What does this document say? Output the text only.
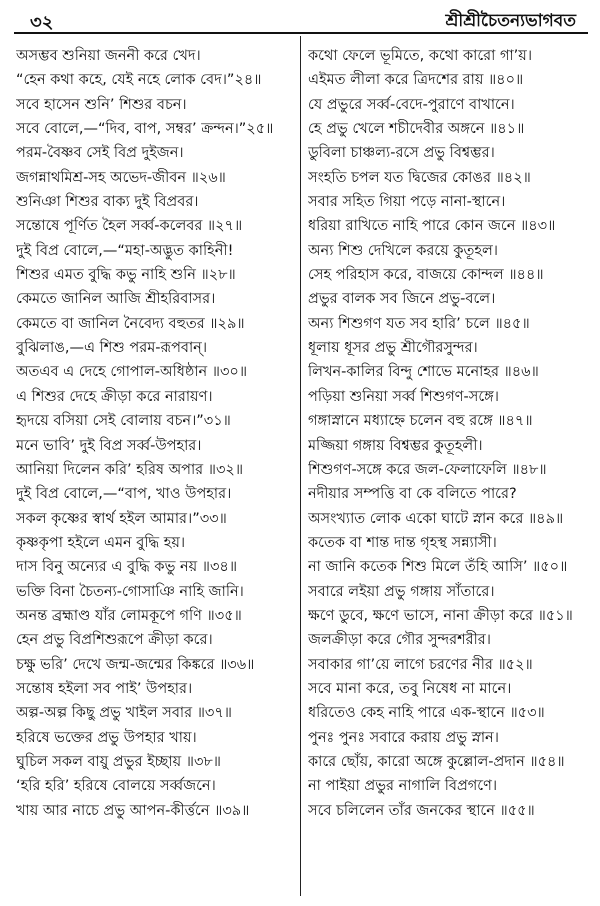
৩২	শ্রীশ্রীচৈতন্যভাগবত
অসম্ভব শুনিয়া জননী করে খেদ।
“হেন কথা কহে, যেই নহে লোক বেদ।”২৪॥
সবে হাসেন শুনি’ শিশুর বচন।
সবে বোলে,—“দিব, বাপ, সম্বর’ ক্রন্দন।”২৫॥
পরম-বৈষ্ণব সেই বিপ্র দুইজন।
জগন্নাথমিশ্র-সহ অভেদ-জীবন ॥২৬॥
শুনিঞা শিশুর বাক্য দুই বিপ্রবর।
সন্তোষে পূর্ণিত হৈল সর্ব্ব-কলেবর ॥২৭॥
দুই বিপ্র বোলে,—“মহা-অদ্ভুত কাহিনী!
শিশুর এমত বুদ্ধি কভু নাহি শুনি ॥২৮॥
কেমতে জানিল আজি শ্রীহরিবাসর।
কেমতে বা জানিল নৈবেদ্য বহুতর ॥২৯॥
বুঝিলাঙ,—এ শিশু পরম-রূপবান্।
অতএব এ দেহে গোপাল-অধিষ্ঠান ॥৩০॥
এ শিশুর দেহে ক্রীড়া করে নারায়ণ।
হৃদয়ে বসিয়া সেই বোলায় বচন।”৩১॥
মনে ভাবি’ দুই বিপ্র সর্ব্ব-উপহার।
আনিয়া দিলেন করি’ হরিষ অপার ॥৩২॥
দুই বিপ্র বোলে,—“বাপ, খাও উপহার।
সকল কৃষ্ণের স্বার্থ হইল আমার।”৩৩॥
কৃষ্ণকৃপা হইলে এমন বুদ্ধি হয়।
দাস বিনু অন্যের এ বুদ্ধি কভু নয় ॥৩৪॥
ভক্তি বিনা চৈতন্য-গোসাঞি নাহি জানি।
অনন্ত ব্রহ্মাণ্ড যাঁর লোমকূপে গণি ॥৩৫॥
হেন প্রভু বিপ্রশিশুরূপে ক্রীড়া করে।
চক্ষু ভরি’ দেখে জন্ম-জন্মের কিঙ্করে ॥৩৬॥
সন্তোষ হইলা সব পাই’ উপহার।
অল্প-অল্প কিছু প্রভু খাইল সবার ॥৩৭॥
হরিষে ভক্তের প্রভু উপহার খায়।
ঘুচিল সকল বায়ু প্রভুর ইচ্ছায় ॥৩৮॥
‘হরি হরি’ হরিষে বোলয়ে সর্ব্বজনে।
খায় আর নাচে প্রভু আপন-কীর্ত্তনে ॥৩৯॥
কথো ফেলে ভূমিতে, কথো কারো গা’য়।
এইমত লীলা করে ত্রিদশের রায় ॥৪০॥
যে প্রভুরে সর্ব্ব-বেদে-পুরাণে বাখানে।
হে প্রভু খেলে শচীদেবীর অঙ্গনে ॥৪১॥
ডুবিলা চাঞ্চল্য-রসে প্রভু বিশ্বম্ভর।
সংহতি চপল যত দ্বিজের কোঙর ॥৪২॥
সবার সহিত গিয়া পড়ে নানা-স্থানে।
ধরিয়া রাখিতে নাহি পারে কোন জনে ॥৪৩॥
অন্য শিশু দেখিলে করয়ে কুতূহল।
সেহ পরিহাস করে, বাজয়ে কোন্দল ॥৪৪॥
প্রভুর বালক সব জিনে প্রভু-বলে।
অন্য শিশুগণ যত সব হারি’ চলে ॥৪৫॥
ধূলায় ধূসর প্রভু শ্রীগৌরসুন্দর।
লিখন-কালির বিন্দু শোভে মনোহর ॥৪৬॥
পড়িয়া শুনিয়া সর্ব্ব শিশুগণ-সঙ্গে।
গঙ্গাস্নানে মধ্যাহ্নে চলেন বহু রঙ্গে ॥৪৭॥
মজ্জিয়া গঙ্গায় বিশ্বম্ভর কুতূহলী।
শিশুগণ-সঙ্গে করে জল-ফেলাফেলি ॥৪৮॥
নদীয়ার সম্পত্তি বা কে বলিতে পারে?
অসংখ্যাত লোক একো ঘাটে স্নান করে ॥৪৯॥
কতেক বা শান্ত দান্ত গৃহস্থ সন্ন্যাসী।
না জানি কতেক শিশু মিলে তঁহি আসি’ ॥৫০॥
সবারে লইয়া প্রভু গঙ্গায় সাঁতারে।
ক্ষণে ডুবে, ক্ষণে ভাসে, নানা ক্রীড়া করে ॥৫১॥
জলক্রীড়া করে গৌর সুন্দরশরীর।
সবাকার গা’য়ে লাগে চরণের নীর ॥৫২॥
সবে মানা করে, তবু নিষেধ না মানে।
ধরিতেও কেহ নাহি পারে এক-স্থানে ॥৫৩॥
পুনঃ পুনঃ সবারে করায় প্রভু স্নান।
কারে ছোঁয়, কারো অঙ্গে কুল্লোল-প্রদান ॥৫৪॥
না পাইয়া প্রভুর নাগালি বিপ্রগণে।
সবে চলিলেন তাঁর জনকের স্থানে ॥৫৫॥
